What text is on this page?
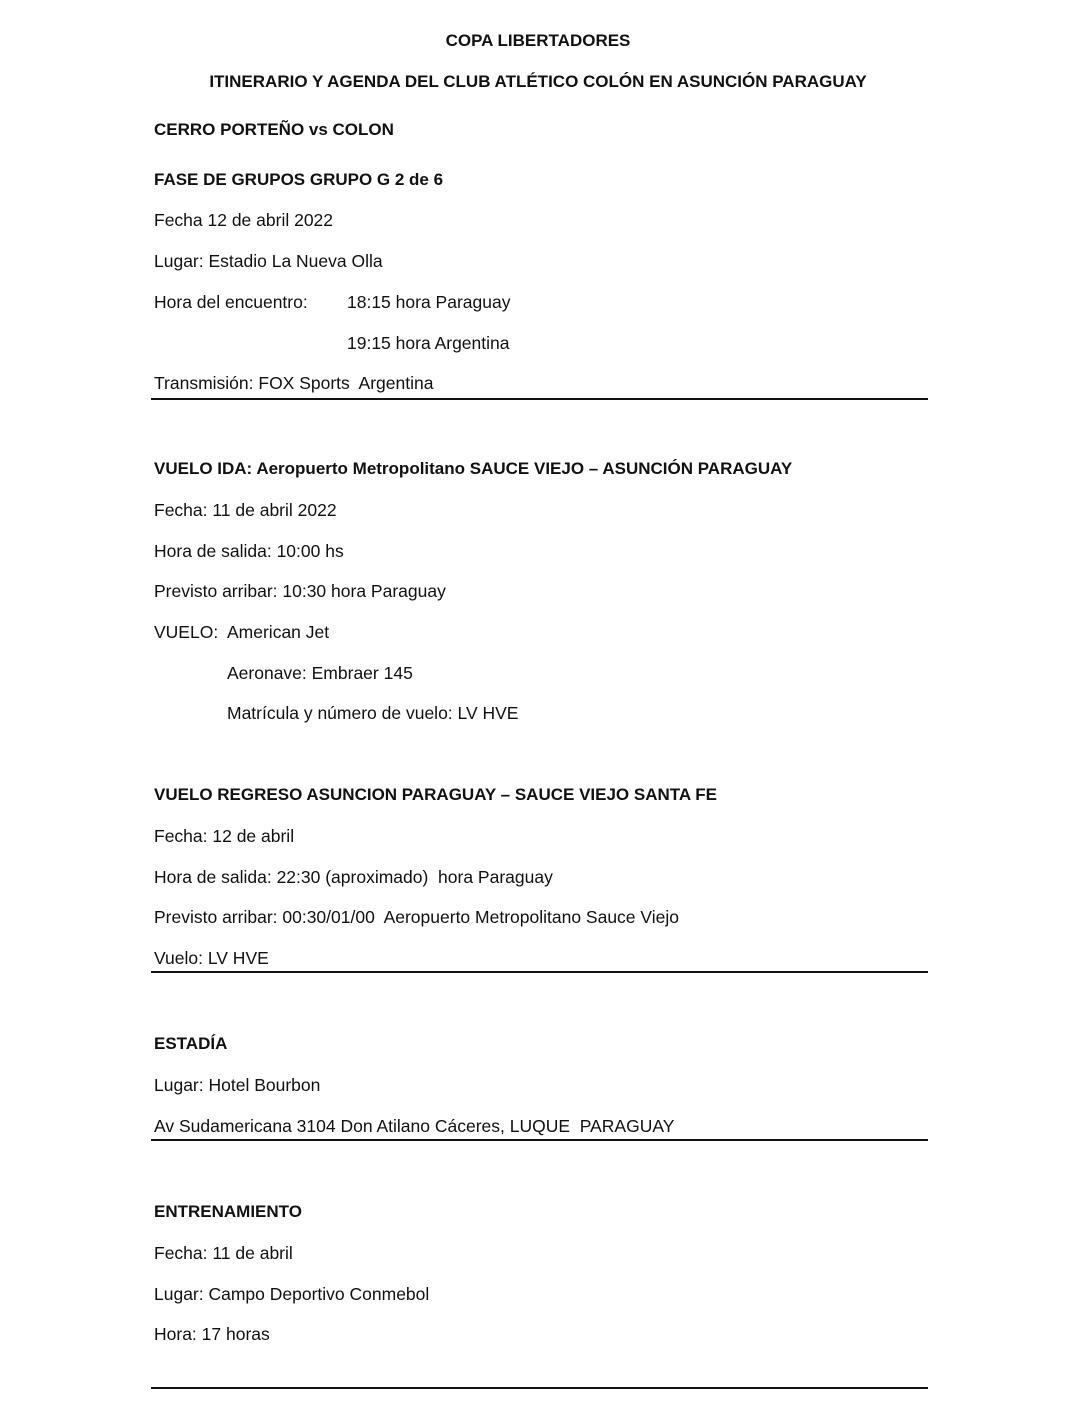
COPA LIBERTADORES
ITINERARIO Y AGENDA DEL CLUB ATLÉTICO COLÓN EN ASUNCIÓN PARAGUAY
CERRO PORTEÑO vs COLON
FASE DE GRUPOS GRUPO G 2 de 6
Fecha 12 de abril 2022
Lugar: Estadio La Nueva Olla
Hora del encuentro: 18:15 hora Paraguay
19:15 hora Argentina
Transmisión: FOX Sports  Argentina
VUELO IDA: Aeropuerto Metropolitano SAUCE VIEJO – ASUNCIÓN PARAGUAY
Fecha: 11 de abril 2022
Hora de salida: 10:00 hs
Previsto arribar: 10:30 hora Paraguay
VUELO: American Jet
Aeronave: Embraer 145
Matrícula y número de vuelo: LV HVE
VUELO REGRESO ASUNCION PARAGUAY – SAUCE VIEJO SANTA FE
Fecha: 12 de abril
Hora de salida: 22:30 (aproximado)  hora Paraguay
Previsto arribar: 00:30/01/00  Aeropuerto Metropolitano Sauce Viejo
Vuelo: LV HVE
ESTADÍA
Lugar: Hotel Bourbon
Av Sudamericana 3104 Don Atilano Cáceres, LUQUE  PARAGUAY
ENTRENAMIENTO
Fecha: 11 de abril
Lugar: Campo Deportivo Conmebol
Hora: 17 horas
